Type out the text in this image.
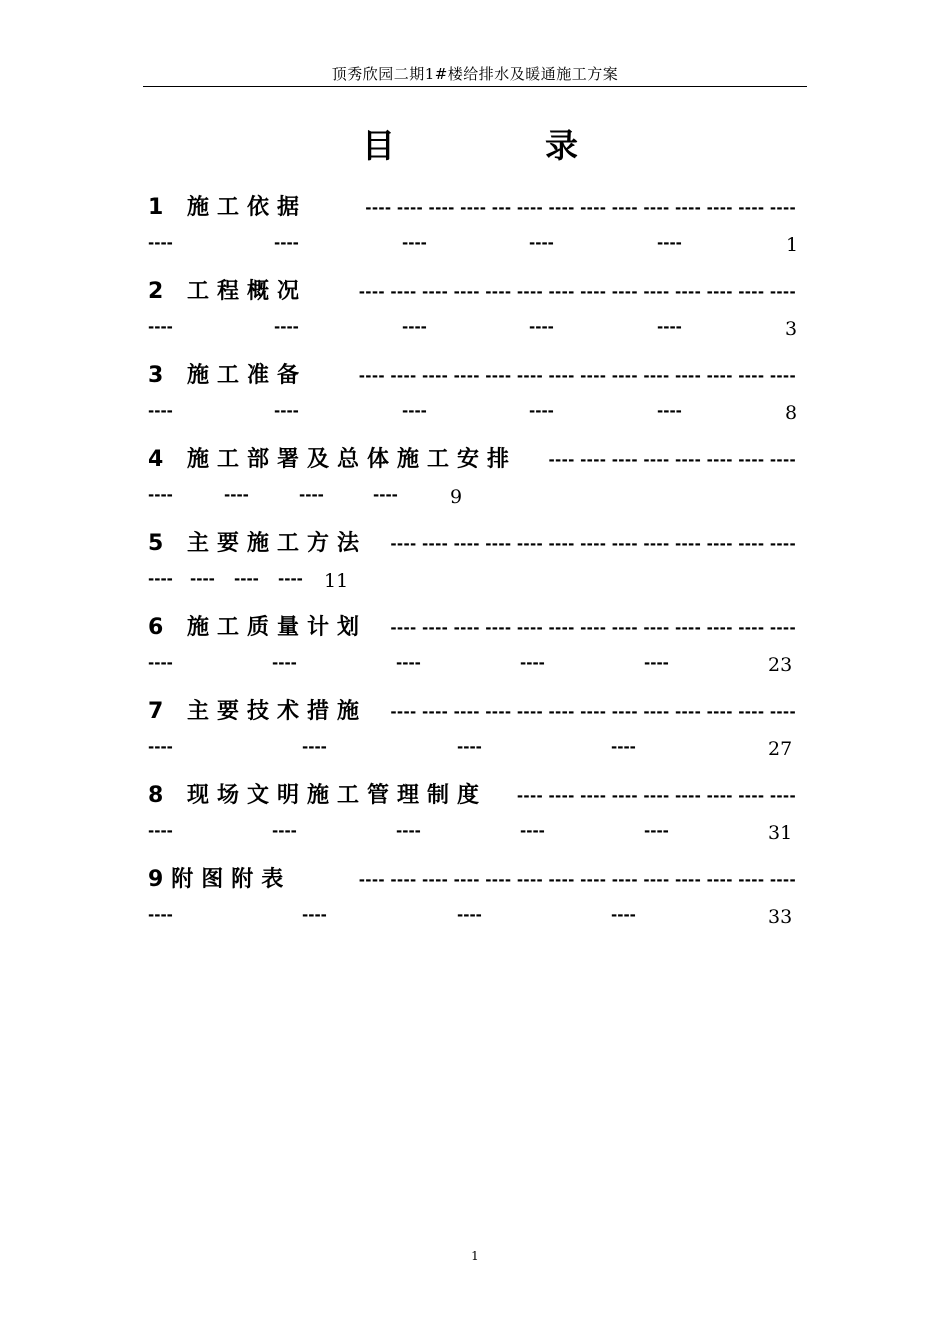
顶秀欣园二期1#楼给排水及暖通施工方案
目	录
1 施工依据	---- ---- ---- ---- --- ---- ---- ---- ---- ---- ---- ---- ---- ----
----	----	----	----	----	1
2 工程概况	---- ---- ---- ---- ---- ---- ---- ---- ---- ---- ---- ---- ---- ----
----	----	----	----	----	3
3 施工准备	---- ---- ---- ---- ---- ---- ---- ---- ---- ---- ---- ---- ---- ----
----	----	----	----	----	8
4 施工部署及总体施工安排 ---- ---- ---- ---- ---- ---- ---- ----
----	----	----	----	9
5 主要施工方法 ---- ---- ---- ---- ---- ---- ---- ---- ---- ---- ---- ---- ----
---- ---- ---- ---- 11
6 施工质量计划 ---- ---- ---- ---- ---- ---- ---- ---- ---- ---- ---- ---- ----
----	----	----	----	----	23
7 主要技术措施 ---- ---- ---- ---- ---- ---- ---- ---- ---- ---- ---- ---- ----
----	----	----	----	27
8 现场文明施工管理制度 ---- ---- ---- ---- ---- ---- ---- ---- ----
----	----	----	----	----	31
9附图附表	---- ---- ---- ---- ---- ---- ---- ---- ---- ---- ---- ---- ---- ----
----	----	----	----	33
1
